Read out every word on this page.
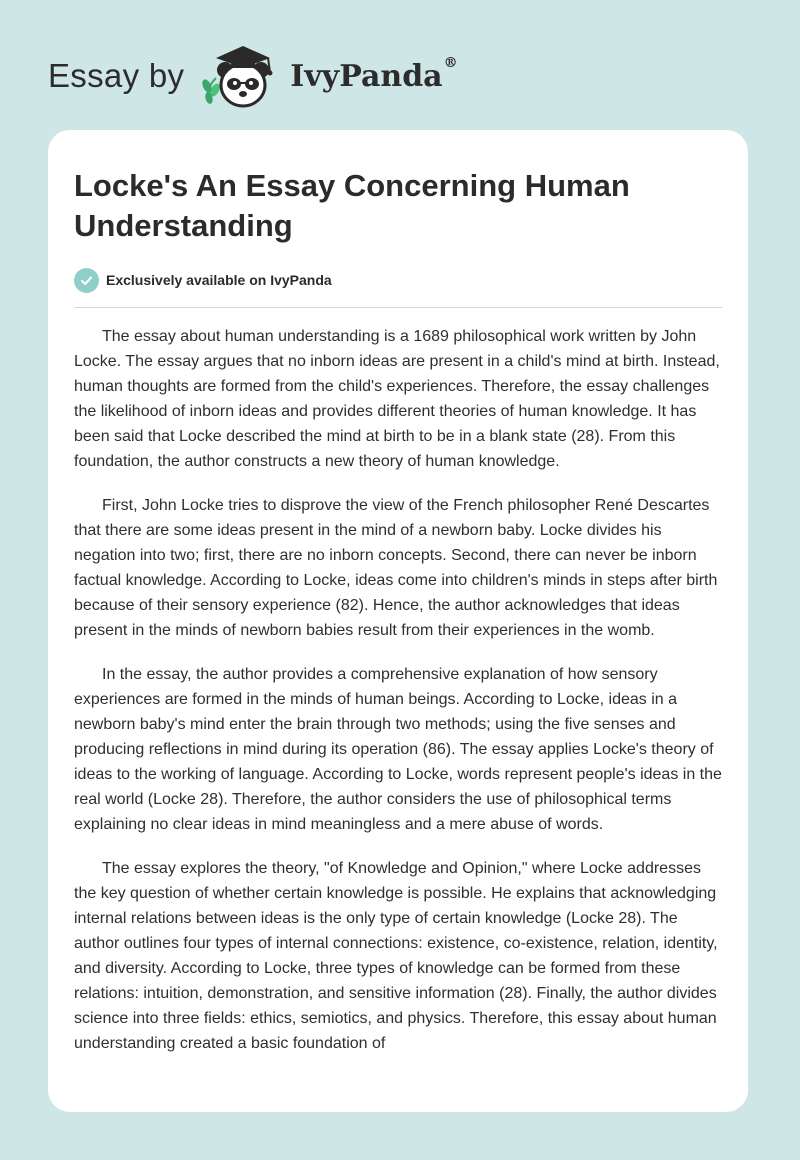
Essay by	IvyPanda®
Locke's An Essay Concerning Human Understanding
Exclusively available on IvyPanda

The essay about human understanding is a 1689 philosophical work written by John Locke. The essay argues that no inborn ideas are present in a child's mind at birth. Instead, human thoughts are formed from the child's experiences. Therefore, the essay challenges the likelihood of inborn ideas and provides different theories of human knowledge. It has been said that Locke described the mind at birth to be in a blank state (28). From this foundation, the author constructs a new theory of human knowledge.

First, John Locke tries to disprove the view of the French philosopher René Descartes that there are some ideas present in the mind of a newborn baby. Locke divides his negation into two; first, there are no inborn concepts. Second, there can never be inborn factual knowledge. According to Locke, ideas come into children's minds in steps after birth because of their sensory experience (82). Hence, the author acknowledges that ideas present in the minds of newborn babies result from their experiences in the womb.

In the essay, the author provides a comprehensive explanation of how sensory experiences are formed in the minds of human beings. According to Locke, ideas in a newborn baby's mind enter the brain through two methods; using the five senses and producing reflections in mind during its operation (86). The essay applies Locke's theory of ideas to the working of language. According to Locke, words represent people's ideas in the real world (Locke 28). Therefore, the author considers the use of philosophical terms explaining no clear ideas in mind meaningless and a mere abuse of words.

The essay explores the theory, "of Knowledge and Opinion," where Locke addresses the key question of whether certain knowledge is possible. He explains that acknowledging internal relations between ideas is the only type of certain knowledge (Locke 28). The author outlines four types of internal connections: existence, co-existence, relation, identity, and diversity. According to Locke, three types of knowledge can be formed from these relations: intuition, demonstration, and sensitive information (28). Finally, the author divides science into three fields: ethics, semiotics, and physics. Therefore, this essay about human understanding created a basic foundation of
